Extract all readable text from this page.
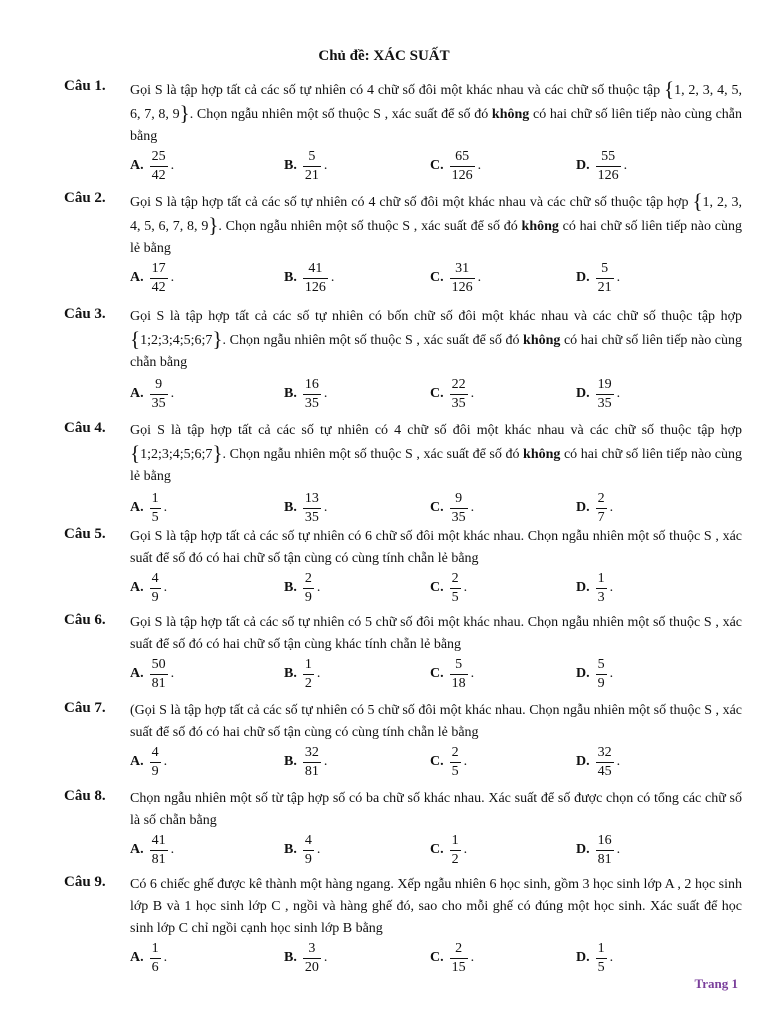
Chủ đề: XÁC SUẤT
Câu 1. Gọi S là tập hợp tất cả các số tự nhiên có 4 chữ số đôi một khác nhau và các chữ số thuộc tập {1, 2, 3, 4, 5, 6, 7, 8, 9}. Chọn ngẫu nhiên một số thuộc S , xác suất để số đó không có hai chữ số liên tiếp nào cùng chẵn bằng
A. $\frac{25}{42}$ .	B. $\frac{5}{21}$ .	C. $\frac{65}{126}$ .	D. $\frac{55}{126}$ .
Câu 2. Gọi S là tập hợp tất cả các số tự nhiên có 4 chữ số đôi một khác nhau và các chữ số thuộc tập hợp {1, 2, 3, 4, 5, 6, 7, 8, 9}. Chọn ngẫu nhiên một số thuộc S , xác suất để số đó không có hai chữ số liên tiếp nào cùng lẻ bằng
A. $\frac{17}{42}$ .	B. $\frac{41}{126}$ .	C. $\frac{31}{126}$ .	D. $\frac{5}{21}$ .
Câu 3. Gọi S là tập hợp tất cả các số tự nhiên có bốn chữ số đôi một khác nhau và các chữ số thuộc tập hợp {1;2;3;4;5;6;7}. Chọn ngẫu nhiên một số thuộc S , xác suất để số đó không có hai chữ số liên tiếp nào cùng chẵn bằng
A. $\frac{9}{35}$ .	B. $\frac{16}{35}$ .	C. $\frac{22}{35}$ .	D. $\frac{19}{35}$ .
Câu 4. Gọi S là tập hợp tất cả các số tự nhiên có 4 chữ số đôi một khác nhau và các chữ số thuộc tập hợp {1;2;3;4;5;6;7}. Chọn ngẫu nhiên một số thuộc S , xác suất để số đó không có hai chữ số liên tiếp nào cùng lẻ bằng
A. $\frac{1}{5}$ .	B. $\frac{13}{35}$ .	C. $\frac{9}{35}$ .	D. $\frac{2}{7}$ .
Câu 5. Gọi S là tập hợp tất cả các số tự nhiên có 6 chữ số đôi một khác nhau. Chọn ngẫu nhiên một số thuộc S , xác suất để số đó có hai chữ số tận cùng có cùng tính chẵn lẻ bằng
A. $\frac{4}{9}$ .	B. $\frac{2}{9}$ .	C. $\frac{2}{5}$ .	D. $\frac{1}{3}$ .
Câu 6. Gọi S là tập hợp tất cả các số tự nhiên có 5 chữ số đôi một khác nhau. Chọn ngẫu nhiên một số thuộc S , xác suất để số đó có hai chữ số tận cùng khác tính chẵn lẻ bằng
A. $\frac{50}{81}$ .	B. $\frac{1}{2}$ .	C. $\frac{5}{18}$ .	D. $\frac{5}{9}$ .
Câu 7. (Gọi S là tập hợp tất cả các số tự nhiên có 5 chữ số đôi một khác nhau. Chọn ngẫu nhiên một số thuộc S , xác suất để số đó có hai chữ số tận cùng có cùng tính chẵn lẻ bằng
A. $\frac{4}{9}$ .	B. $\frac{32}{81}$ .	C. $\frac{2}{5}$ .	D. $\frac{32}{45}$ .
Câu 8. Chọn ngẫu nhiên một số từ tập hợp số có ba chữ số khác nhau. Xác suất để số được chọn có tổng các chữ số là số chẵn bằng
A. $\frac{41}{81}$ .	B. $\frac{4}{9}$ .	C. $\frac{1}{2}$ .	D. $\frac{16}{81}$ .
Câu 9. Có 6 chiếc ghế được kê thành một hàng ngang. Xếp ngẫu nhiên 6 học sinh, gồm 3 học sinh lớp A , 2 học sinh lớp B và 1 học sinh lớp C , ngồi và hàng ghế đó, sao cho mỗi ghế có đúng một học sinh. Xác suất để học sinh lớp C chỉ ngồi cạnh học sinh lớp B bằng
A. $\frac{1}{6}$ .	B. $\frac{3}{20}$ .	C. $\frac{2}{15}$ .	D. $\frac{1}{5}$ .
Trang 1
